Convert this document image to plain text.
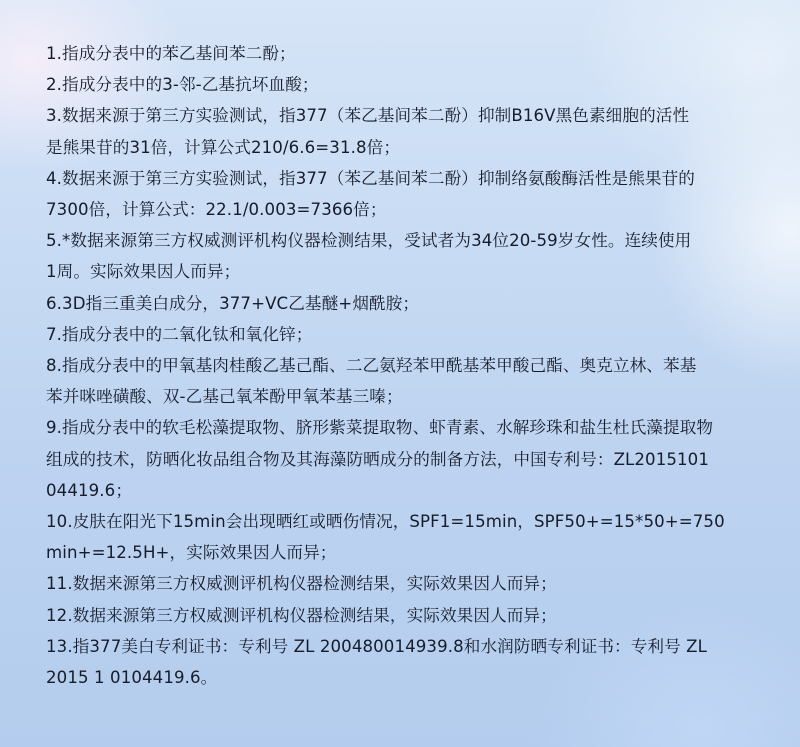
1.指成分表中的苯乙基间苯二酚；
2.指成分表中的3-邻-乙基抗坏血酸；
3.数据来源于第三方实验测试，指377（苯乙基间苯二酚）抑制B16V黑色素细胞的活性
是熊果苷的31倍，计算公式210/6.6=31.8倍；
4.数据来源于第三方实验测试，指377（苯乙基间苯二酚）抑制络氨酸酶活性是熊果苷的
7300倍，计算公式：22.1/0.003=7366倍；
5.*数据来源第三方权威测评机构仪器检测结果，受试者为34位20-59岁女性。连续使用
1周。实际效果因人而异；
6.3D指三重美白成分，377+VC乙基醚+烟酰胺；
7.指成分表中的二氧化钛和氧化锌；
8.指成分表中的甲氧基肉桂酸乙基己酯、二乙氨羟苯甲酰基苯甲酸己酯、奥克立林、苯基
苯并咪唑磺酸、双-乙基己氧苯酚甲氧苯基三嗪；
9.指成分表中的软毛松藻提取物、脐形紫菜提取物、虾青素、水解珍珠和盐生杜氏藻提取物
组成的技术，防晒化妆品组合物及其海藻防晒成分的制备方法，中国专利号：ZL2015101
04419.6；
10.皮肤在阳光下15min会出现晒红或晒伤情况，SPF1=15min，SPF50+=15*50+=750
min+=12.5H+，实际效果因人而异；
11.数据来源第三方权威测评机构仪器检测结果，实际效果因人而异；
12.数据来源第三方权威测评机构仪器检测结果，实际效果因人而异；
13.指377美白专利证书：专利号 ZL 200480014939.8和水润防晒专利证书：专利号 ZL
2015 1 0104419.6。
